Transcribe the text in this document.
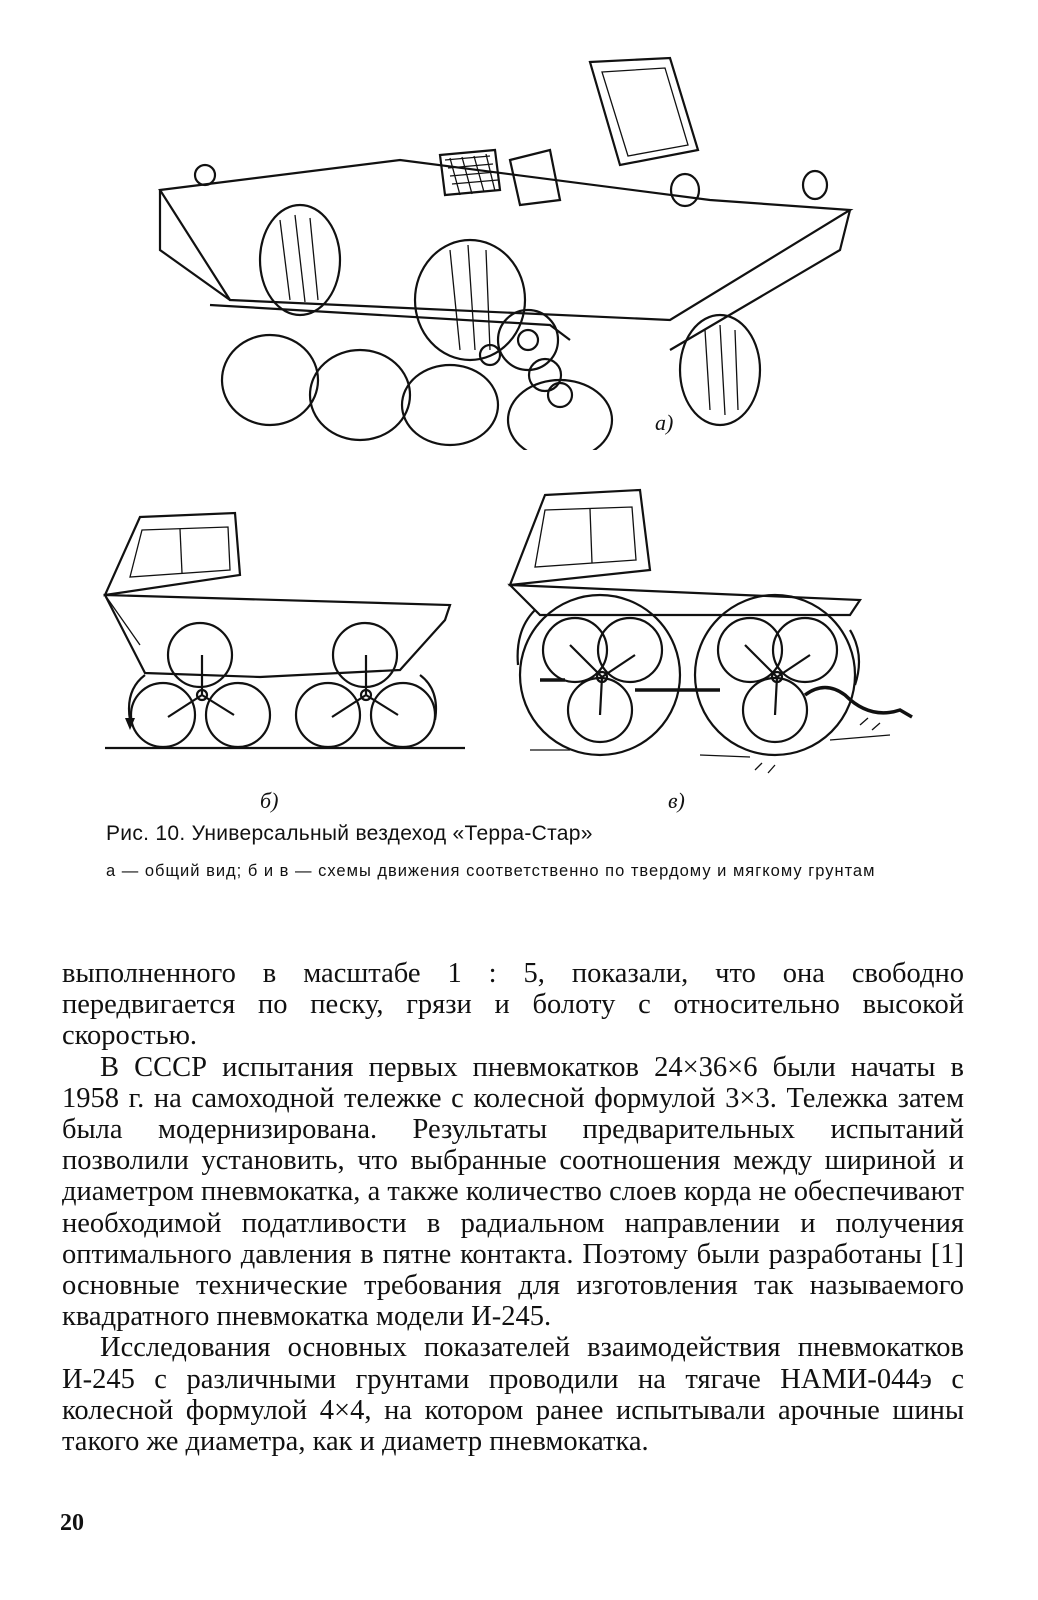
а)
б)	в)
Рис. 10. Универсальный вездеход «Терра-Стар»
а — общий вид; б и в — схемы движения соответственно по твердому и мягкому грунтам

выполненного в масштабе 1 : 5, показали, что она свободно передвигается по песку, грязи и болоту с относительно высокой скоростью.

В СССР испытания первых пневмокатков 24×36×6 были начаты в 1958 г. на самоходной тележке с колесной формулой 3×3. Тележка затем была модернизирована. Результаты предварительных испытаний позволили установить, что выбранные соотношения между шириной и диаметром пневмокатка, а также количество слоев корда не обеспечивают необходимой податливости в радиальном направлении и получения оптимального давления в пятне контакта. Поэтому были разработаны [1] основные технические требования для изготовления так называемого квадратного пневмокатка модели И-245.

Исследования основных показателей взаимодействия пневмокатков И-245 с различными грунтами проводили на тягаче НАМИ-044э с колесной формулой 4×4, на котором ранее испытывали арочные шины такого же диаметра, как и диаметр пневмокатка.

20
